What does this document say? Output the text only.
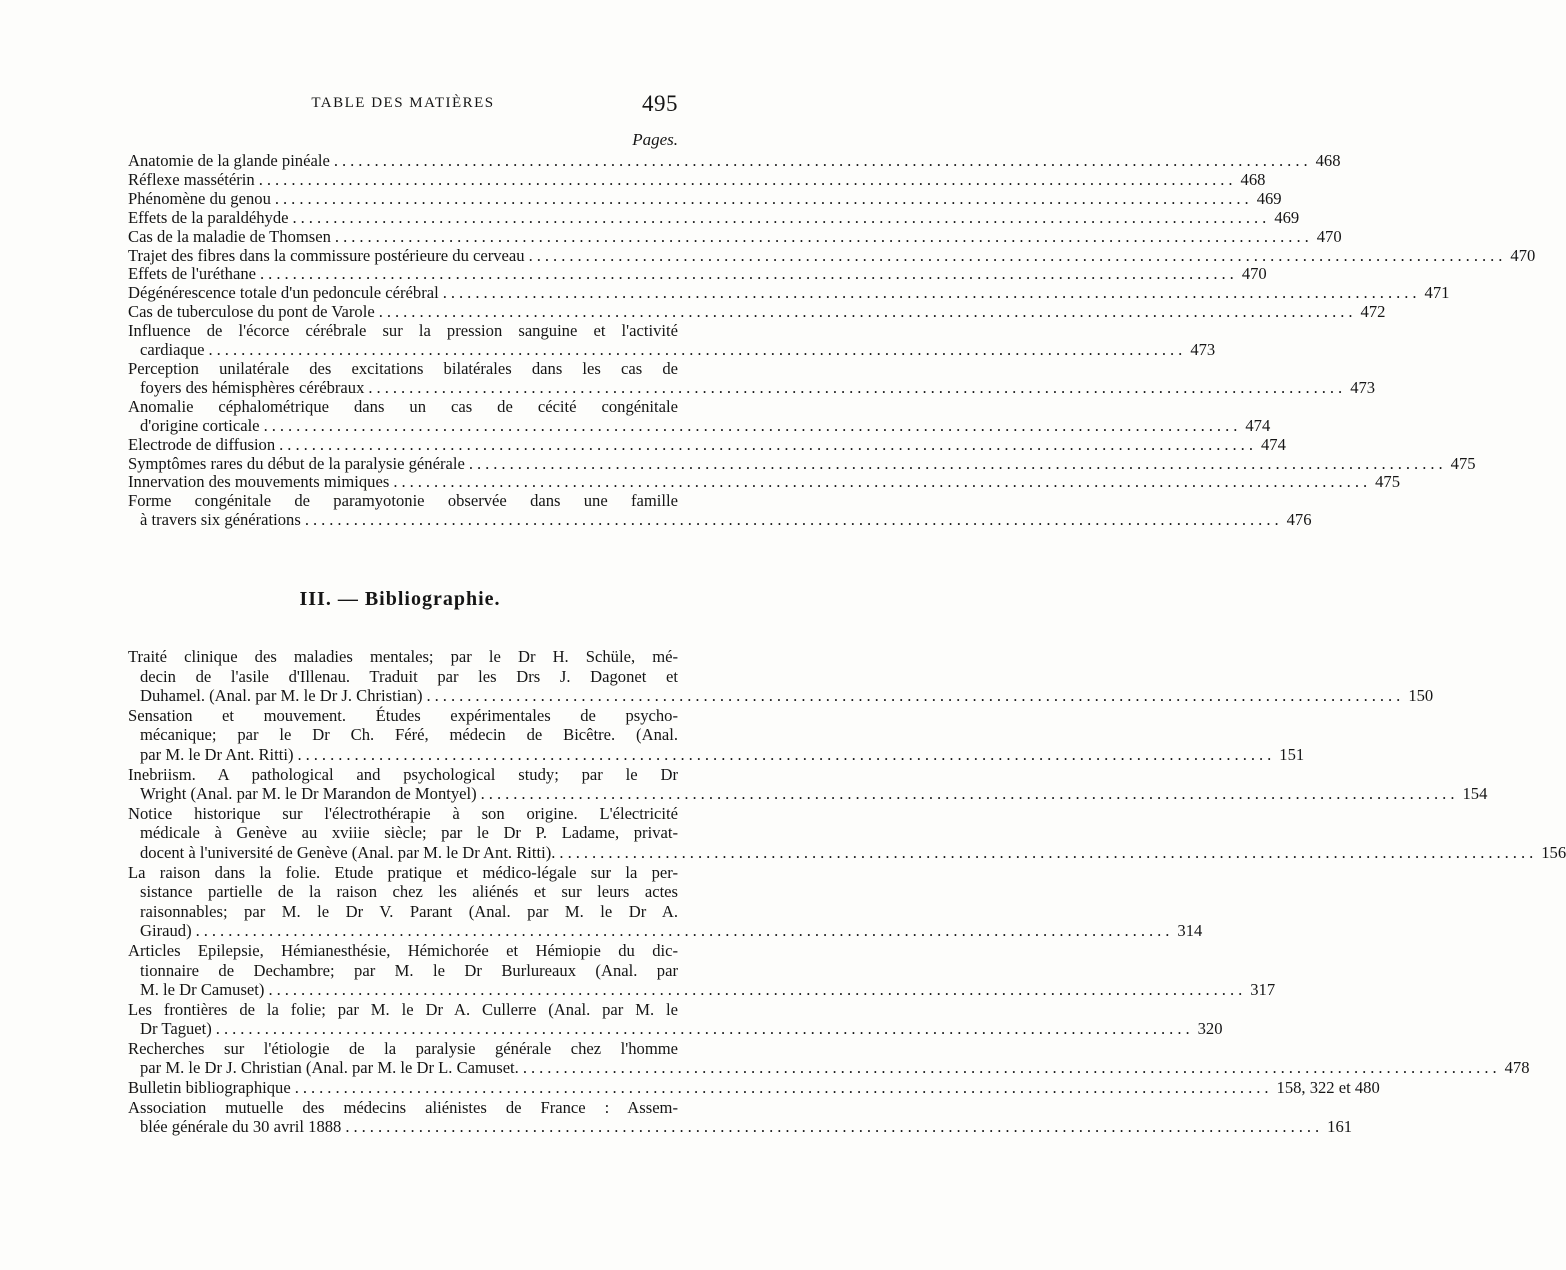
TABLE DES MATIÈRES	495
Pages.
Anatomie de la glande pinéale ........................................................................................................................ 468
Réflexe massétérin ........................................................................................................................ 468
Phénomène du genou ........................................................................................................................ 469
Effets de la paraldéhyde ........................................................................................................................ 469
Cas de la maladie de Thomsen ........................................................................................................................ 470
Trajet des fibres dans la commissure postérieure du cerveau ........................................................................................................................ 470
Effets de l'uréthane ........................................................................................................................ 470
Dégénérescence totale d'un pedoncule cérébral ........................................................................................................................ 471
Cas de tuberculose du pont de Varole ........................................................................................................................ 472
Influence de l'écorce cérébrale sur la pression sanguine et l'activité
cardiaque ........................................................................................................................ 473
Perception unilatérale des excitations bilatérales dans les cas de
foyers des hémisphères cérébraux ........................................................................................................................ 473
Anomalie céphalométrique dans un cas de cécité congénitale
d'origine corticale ........................................................................................................................ 474
Electrode de diffusion ........................................................................................................................ 474
Symptômes rares du début de la paralysie générale ........................................................................................................................ 475
Innervation des mouvements mimiques ........................................................................................................................ 475
Forme congénitale de paramyotonie observée dans une famille
à travers six générations ........................................................................................................................ 476
III. — Bibliographie.
Traité clinique des maladies mentales; par le Dr H. Schüle, mé-
decin de l'asile d'Illenau. Traduit par les Drs J. Dagonet et
Duhamel. (Anal. par M. le Dr J. Christian) ........................................................................................................................ 150
Sensation et mouvement. Études expérimentales de psycho-
mécanique; par le Dr Ch. Féré, médecin de Bicêtre. (Anal.
par M. le Dr Ant. Ritti) ........................................................................................................................ 151
Inebriism. A pathological and psychological study; par le Dr
Wright (Anal. par M. le Dr Marandon de Montyel) ........................................................................................................................ 154
Notice historique sur l'électrothérapie à son origine. L'électricité
médicale à Genève au xviiie siècle; par le Dr P. Ladame, privat-
docent à l'université de Genève (Anal. par M. le Dr Ant. Ritti). ........................................................................................................................ 156
La raison dans la folie. Etude pratique et médico-légale sur la per-
sistance partielle de la raison chez les aliénés et sur leurs actes
raisonnables; par M. le Dr V. Parant (Anal. par M. le Dr A.
Giraud) ........................................................................................................................ 314
Articles Epilepsie, Hémianesthésie, Hémichorée et Hémiopie du dic-
tionnaire de Dechambre; par M. le Dr Burlureaux (Anal. par
M. le Dr Camuset) ........................................................................................................................ 317
Les frontières de la folie; par M. le Dr A. Cullerre (Anal. par M. le
Dr Taguet) ........................................................................................................................ 320
Recherches sur l'étiologie de la paralysie générale chez l'homme
par M. le Dr J. Christian (Anal. par M. le Dr L. Camuset. ........................................................................................................................ 478
Bulletin bibliographique ........................................................................................................................ 158, 322 et 480
Association mutuelle des médecins aliénistes de France : Assem-
blée générale du 30 avril 1888 ........................................................................................................................ 161
